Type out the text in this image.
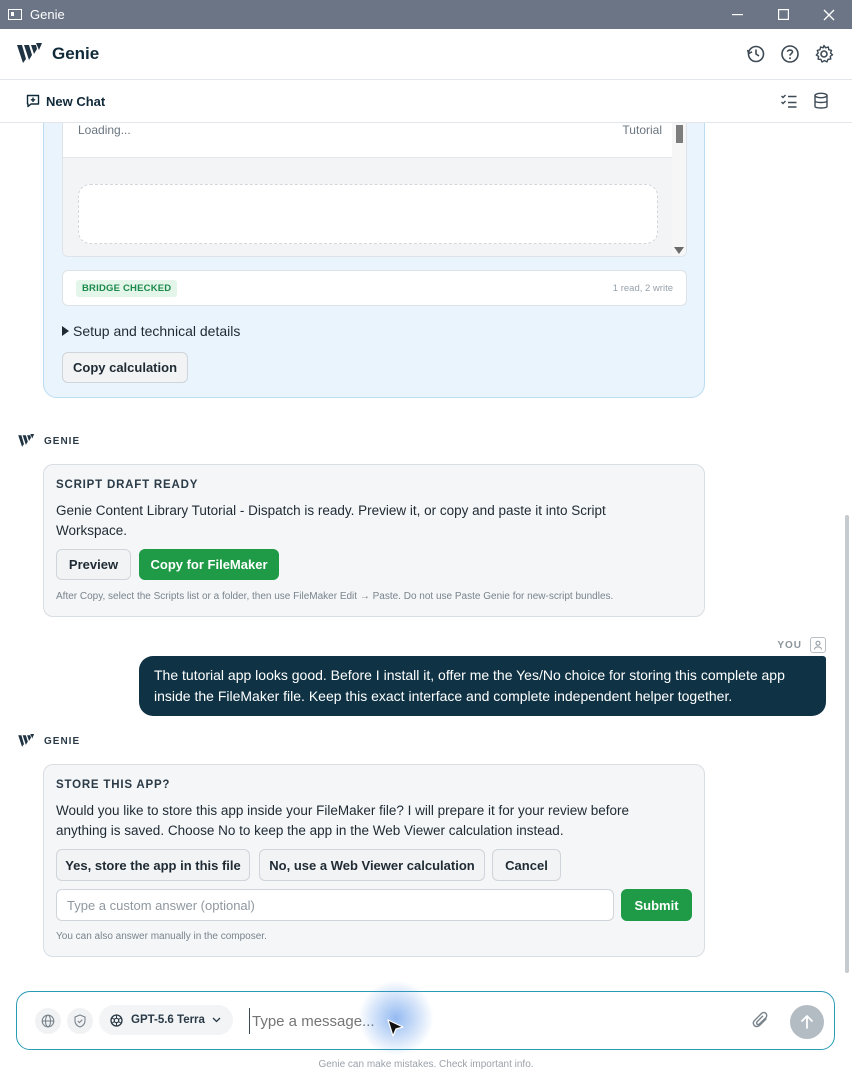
Genie
Genie
New Chat
Loading...	Tutorial
BRIDGE CHECKED	1 read, 2 write
Setup and technical details
Copy calculation
GENIE
SCRIPT DRAFT READY
Genie Content Library Tutorial - Dispatch is ready. Preview it, or copy and paste it into Script Workspace.
Preview	Copy for FileMaker
After Copy, select the Scripts list or a folder, then use FileMaker Edit → Paste. Do not use Paste Genie for new-script bundles.
YOU
The tutorial app looks good. Before I install it, offer me the Yes/No choice for storing this complete app inside the FileMaker file. Keep this exact interface and complete independent helper together.
GENIE
STORE THIS APP?
Would you like to store this app inside your FileMaker file? I will prepare it for your review before anything is saved. Choose No to keep the app in the Web Viewer calculation instead.
Yes, store the app in this file	No, use a Web Viewer calculation	Cancel
Type a custom answer (optional)	Submit
You can also answer manually in the composer.
GPT-5.6 Terra
Type a message...
Genie can make mistakes. Check important info.
